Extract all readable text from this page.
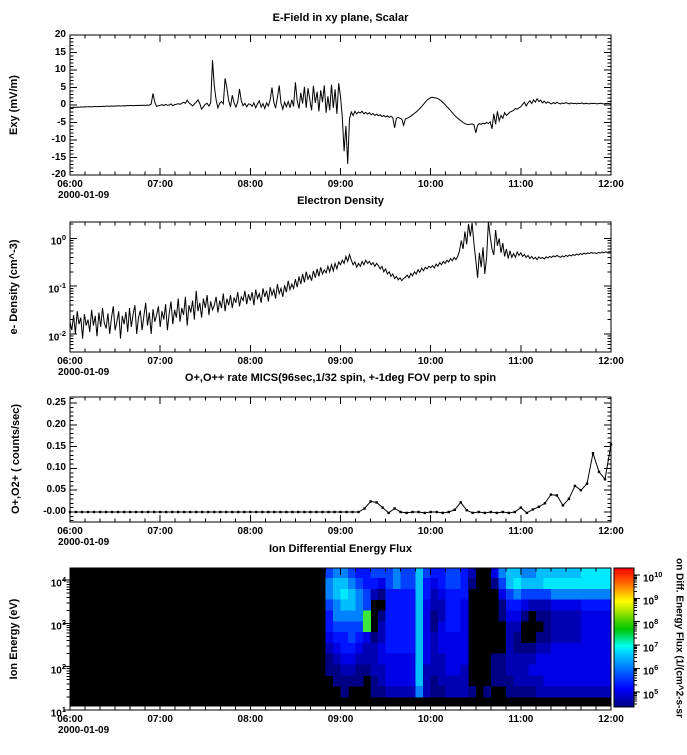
E-Field in xy plane, Scalar
Electron Density
O+,O++ rate MICS(96sec,1/32 spin, +-1deg FOV perp to spin
Ion Differential Energy Flux
Exy (mV/m)
e- Density (cm^-3)
O+,O2+ ( counts/sec)
Ion Energy (eV)	on Diff. Energy Flux (1/(cm^2-s-sr
06:00	07:00	08:00	09:00	10:00	11:00	12:00
2000-01-09
20
15
10
5
0
-5
-10
-15
-20
06:00	07:00	08:00	09:00	10:00	11:00	12:00
2000-01-09
$10^0$
$10^{-1}$
$10^{-2}$
06:00	07:00	08:00	09:00	10:00	11:00	12:00
2000-01-09
0.25
0.20
0.15
0.10
0.05
-0.00
06:00	07:00	08:00	09:00	10:00	11:00	12:00
2000-01-09
$10^4$
$10^3$
$10^2$
$10^1$
$10^{10}$
$10^9$
$10^8$
$10^7$
$10^6$
$10^5$
